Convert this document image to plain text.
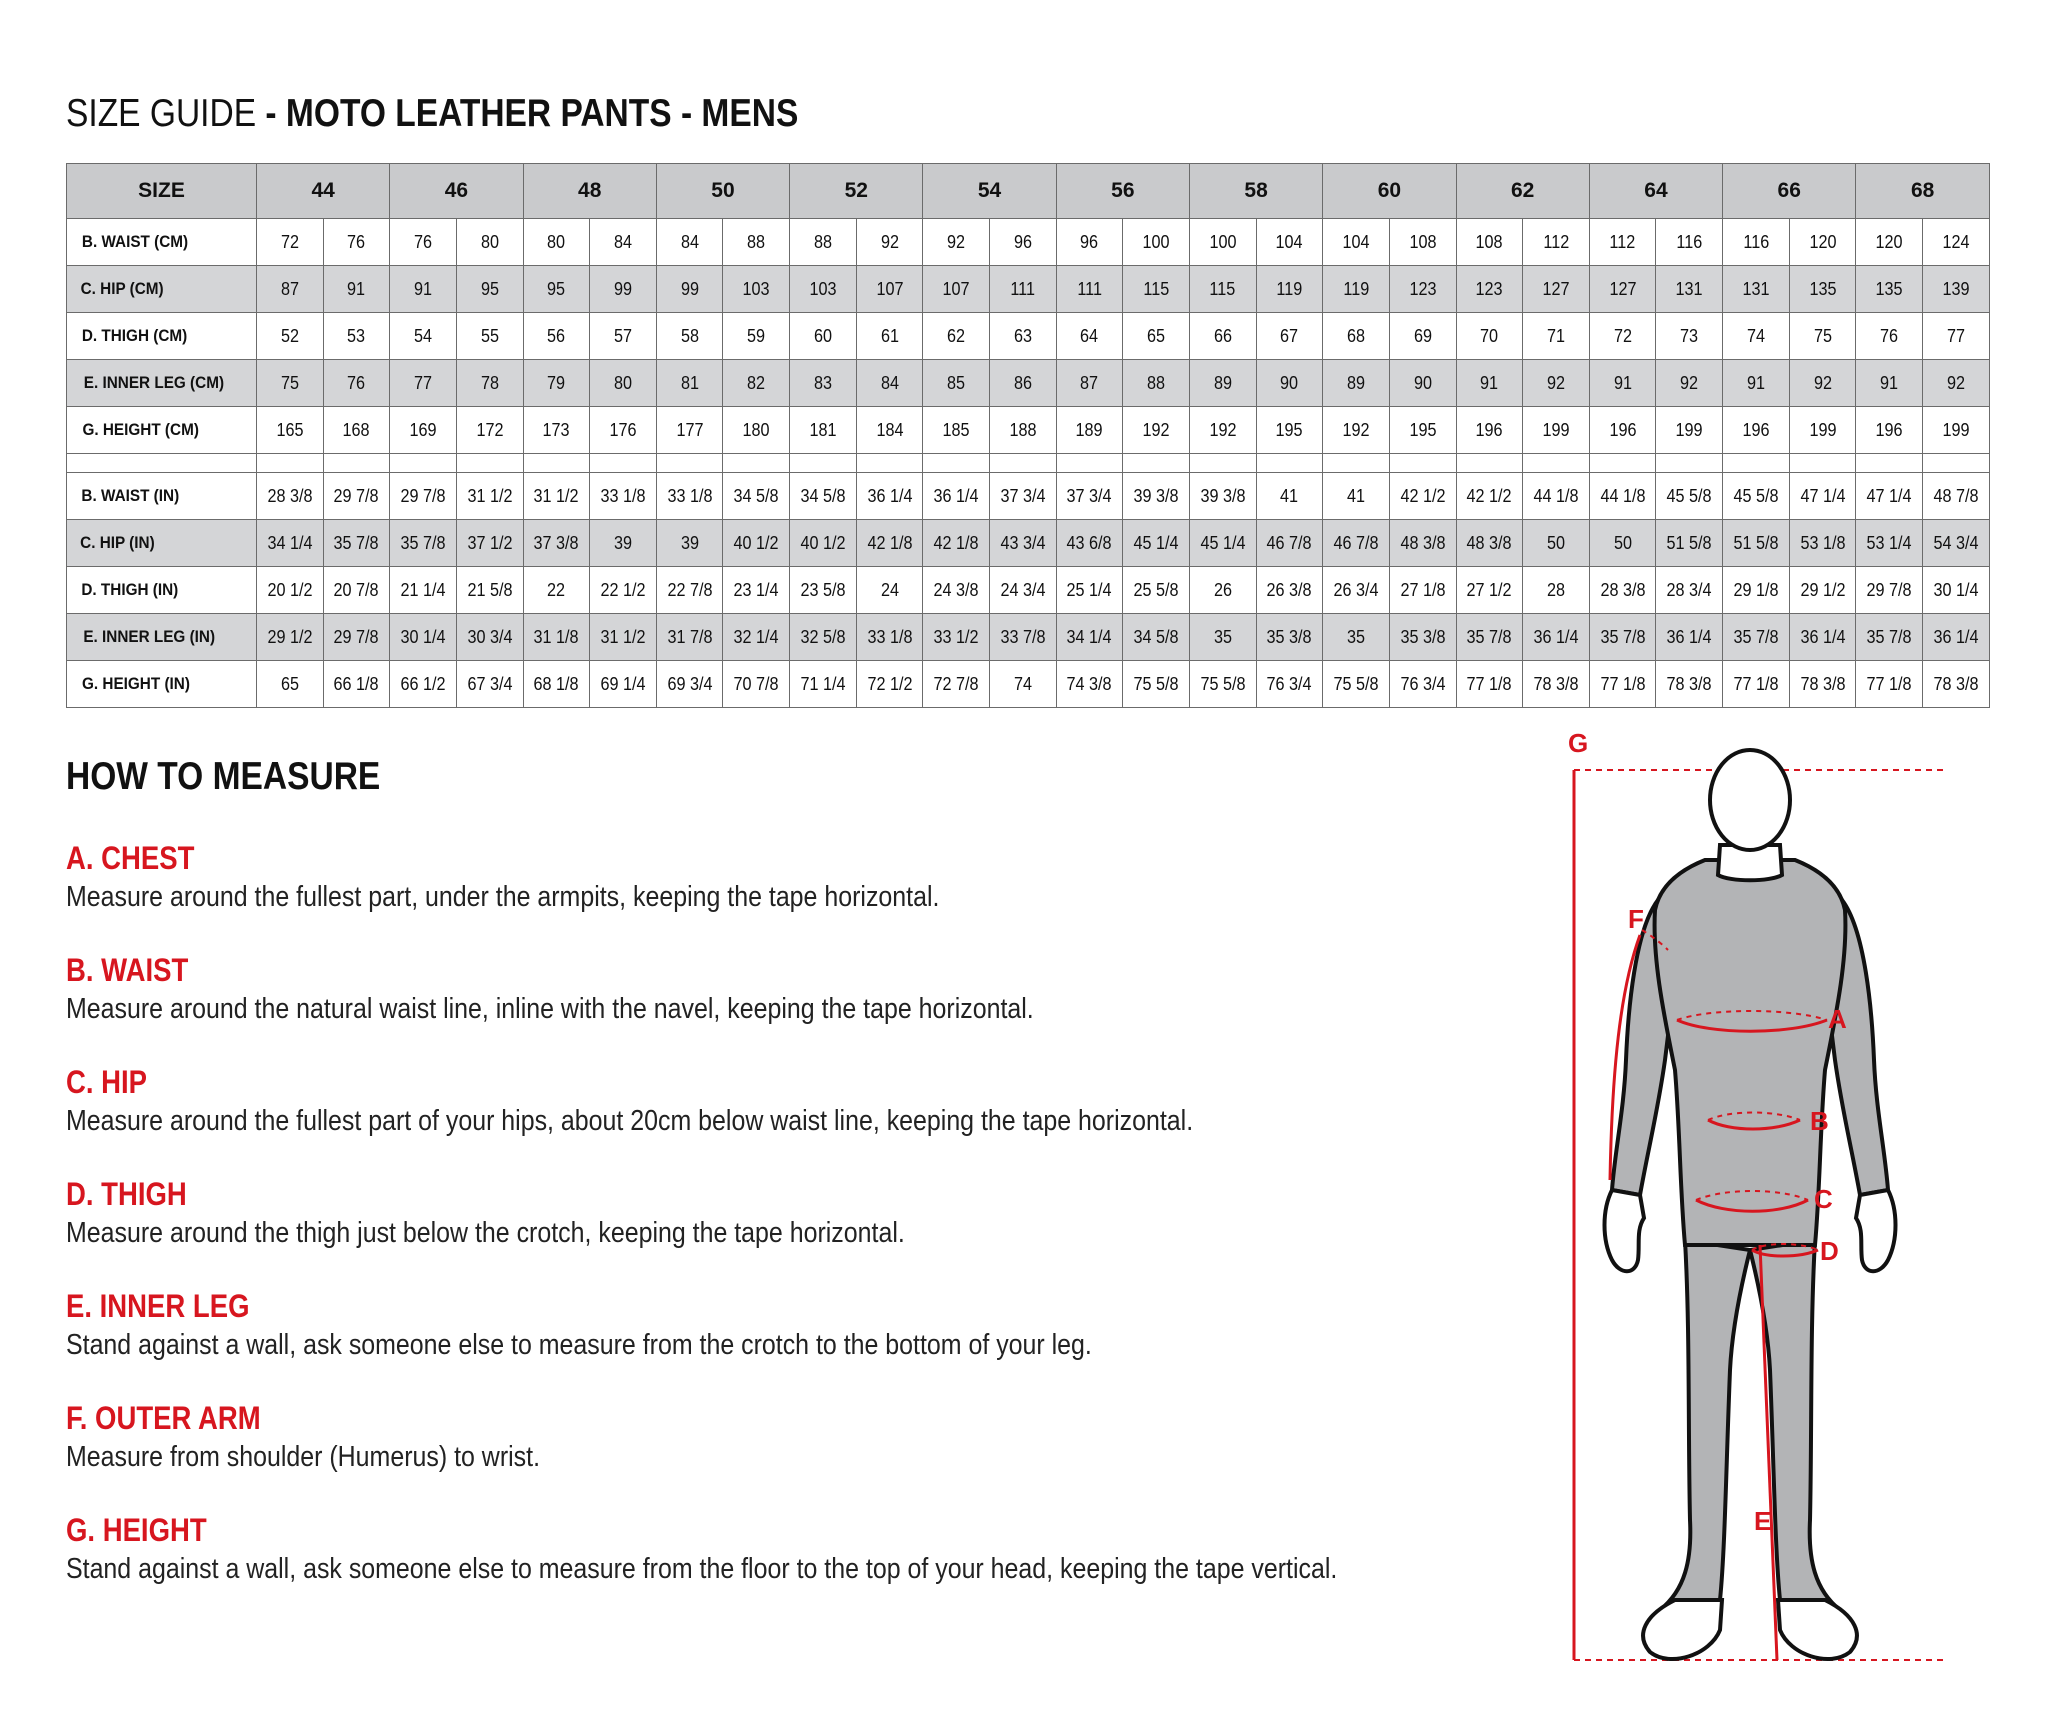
SIZE GUIDE - MOTO LEATHER PANTS - MENS
SIZE	44		46		48		50		52		54		56		58		60		62		64		66		68	
B. WAIST (CM)	72	76	76	80	80	84	84	88	88	92	92	96	96	100	100	104	104	108	108	112	112	116	116	120	120	124
C. HIP (CM)	87	91	91	95	95	99	99	103	103	107	107	111	111	115	115	119	119	123	123	127	127	131	131	135	135	139
D. THIGH (CM)	52	53	54	55	56	57	58	59	60	61	62	63	64	65	66	67	68	69	70	71	72	73	74	75	76	77
E. INNER LEG (CM)	75	76	77	78	79	80	81	82	83	84	85	86	87	88	89	90	89	90	91	92	91	92	91	92	91	92
G. HEIGHT (CM)	165	168	169	172	173	176	177	180	181	184	185	188	189	192	192	195	192	195	196	199	196	199	196	199	196	199

B. WAIST (IN)	28 3/8	29 7/8	29 7/8	31 1/2	31 1/2	33 1/8	33 1/8	34 5/8	34 5/8	36 1/4	36 1/4	37 3/4	37 3/4	39 3/8	39 3/8	41	41	42 1/2	42 1/2	44 1/8	44 1/8	45 5/8	45 5/8	47 1/4	47 1/4	48 7/8
C. HIP (IN)	34 1/4	35 7/8	35 7/8	37 1/2	37 3/8	39	39	40 1/2	40 1/2	42 1/8	42 1/8	43 3/4	43 6/8	45 1/4	45 1/4	46 7/8	46 7/8	48 3/8	48 3/8	50	50	51 5/8	51 5/8	53 1/8	53 1/4	54 3/4
D. THIGH (IN)	20 1/2	20 7/8	21 1/4	21 5/8	22	22 1/2	22 7/8	23 1/4	23 5/8	24	24 3/8	24 3/4	25 1/4	25 5/8	26	26 3/8	26 3/4	27 1/8	27 1/2	28	28 3/8	28 3/4	29 1/8	29 1/2	29 7/8	30 1/4
E. INNER LEG (IN)	29 1/2	29 7/8	30 1/4	30 3/4	31 1/8	31 1/2	31 7/8	32 1/4	32 5/8	33 1/8	33 1/2	33 7/8	34 1/4	34 5/8	35	35 3/8	35	35 3/8	35 7/8	36 1/4	35 7/8	36 1/4	35 7/8	36 1/4	35 7/8	36 1/4
G. HEIGHT (IN)	65	66 1/8	66 1/2	67 3/4	68 1/8	69 1/4	69 3/4	70 7/8	71 1/4	72 1/2	72 7/8	74	74 3/8	75 5/8	75 5/8	76 3/4	75 5/8	76 3/4	77 1/8	78 3/8	77 1/8	78 3/8	77 1/8	78 3/8	77 1/8	78 3/8
HOW TO MEASURE
A. CHEST
Measure around the fullest part, under the armpits, keeping the tape horizontal.
B. WAIST
Measure around the natural waist line, inline with the navel, keeping the tape horizontal.
C. HIP
Measure around the fullest part of your hips, about 20cm below waist line, keeping the tape horizontal.
D. THIGH
Measure around the thigh just below the crotch, keeping the tape horizontal.
E. INNER LEG
Stand against a wall, ask someone else to measure from the crotch to the bottom of your leg.
F. OUTER ARM
Measure from shoulder (Humerus) to wrist.
G. HEIGHT
Stand against a wall, ask someone else to measure from the floor to the top of your head, keeping the tape vertical.
G
F
A
B
C
D
E
